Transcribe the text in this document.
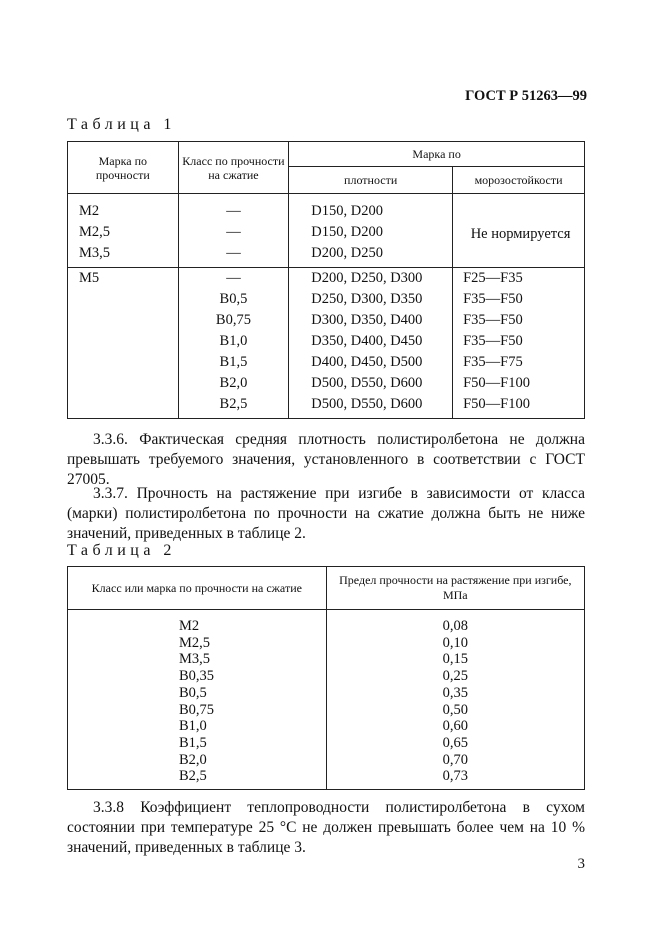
ГОСТ Р 51263—99
Таблица 1
Марка по прочности	Класс по прочности на сжатие	Марка по	
		плотности	морозостойкости
М2	—	D150, D200	Не нормируется
М2,5	—	D150, D200	
М3,5	—	D200, D250	
М5	—	D200, D250, D300	F25—F35
	В0,5	D250, D300, D350	F35—F50
	В0,75	D300, D350, D400	F35—F50
	В1,0	D350, D400, D450	F35—F50
	В1,5	D400, D450, D500	F35—F75
	В2,0	D500, D550, D600	F50—F100
	В2,5	D500, D550, D600	F50—F100

3.3.6. Фактическая средняя плотность полистиролбетона не должна превышать требуемого значения, установленного в соответствии с ГОСТ 27005.

3.3.7. Прочность на растяжение при изгибе в зависимости от класса (марки) полистиролбетона по прочности на сжатие должна быть не ниже значений, приведенных в таблице 2.

Таблица 2
Класс или марка по прочности на сжатие	Предел прочности на растяжение при изгибе, МПа
М2	0,08
М2,5	0,10
М3,5	0,15
В0,35	0,25
В0,5	0,35
В0,75	0,50
В1,0	0,60
В1,5	0,65
В2,0	0,70
В2,5	0,73

3.3.8 Коэффициент теплопроводности полистиролбетона в сухом состоянии при температуре 25 °С не должен превышать более чем на 10 % значений, приведенных в таблице 3.

3
